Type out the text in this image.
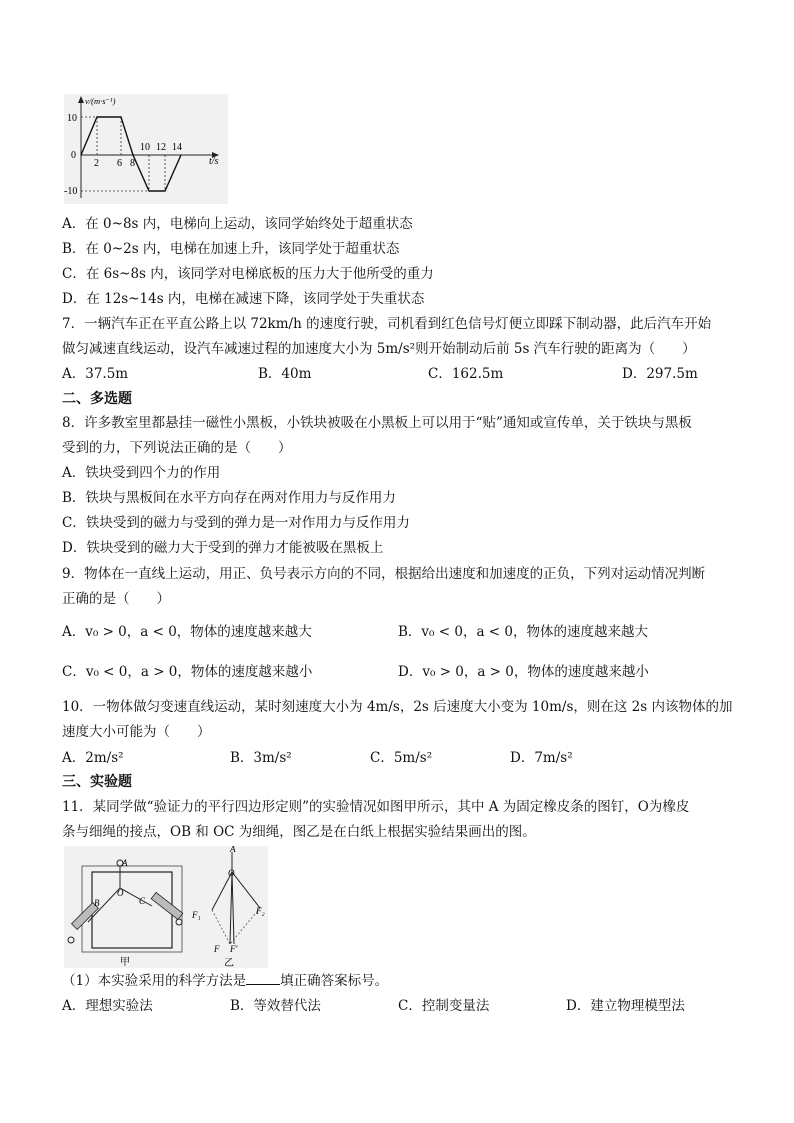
v/(m·s⁻¹)
t/s
10
0
-10
2 6 8
10 12 14
A．在 0~8s 内，电梯向上运动，该同学始终处于超重状态
B．在 0~2s 内，电梯在加速上升，该同学处于超重状态
C．在 6s~8s 内，该同学对电梯底板的压力大于他所受的重力
D．在 12s~14s 内，电梯在减速下降，该同学处于失重状态
7．一辆汽车正在平直公路上以 72km/h 的速度行驶，司机看到红色信号灯便立即踩下制动器，此后汽车开始
做匀减速直线运动，设汽车减速过程的加速度大小为 5m/s²则开始制动后前 5s 汽车行驶的距离为（　　）
A．37.5m	B．40m	C．162.5m	D．297.5m
二、多选题
8．许多教室里都悬挂一磁性小黑板，小铁块被吸在小黑板上可以用于“贴”通知或宣传单，关于铁块与黑板
受到的力，下列说法正确的是（　　）
A．铁块受到四个力的作用
B．铁块与黑板间在水平方向存在两对作用力与反作用力
C．铁块受到的磁力与受到的弹力是一对作用力与反作用力
D．铁块受到的磁力大于受到的弹力才能被吸在黑板上
9．物体在一直线上运动，用正、负号表示方向的不同，根据给出速度和加速度的正负，下列对运动情况判断
正确的是（　　）
A．v₀ > 0，a < 0，物体的速度越来越大	B．v₀ < 0，a < 0，物体的速度越来越大
C．v₀ < 0，a > 0，物体的速度越来越小	D．v₀ > 0，a > 0，物体的速度越来越小
10．一物体做匀变速直线运动，某时刻速度大小为 4m/s，2s 后速度大小变为 10m/s，则在这 2s 内该物体的加
速度大小可能为（　　）
A．2m/s²	B．3m/s²	C．5m/s²	D．7m/s²
三、实验题
11．某同学做“验证力的平行四边形定则”的实验情况如图甲所示，其中 A 为固定橡皮条的图钉，O为橡皮
条与细绳的接点，OB 和 OC 为细绳，图乙是在白纸上根据实验结果画出的图。
A
O
B	C
甲
A
O
F₁	F₂
F F′
乙
（1）本实验采用的科学方法是	填正确答案标号。
A．理想实验法	B．等效替代法	C．控制变量法	D．建立物理模型法
